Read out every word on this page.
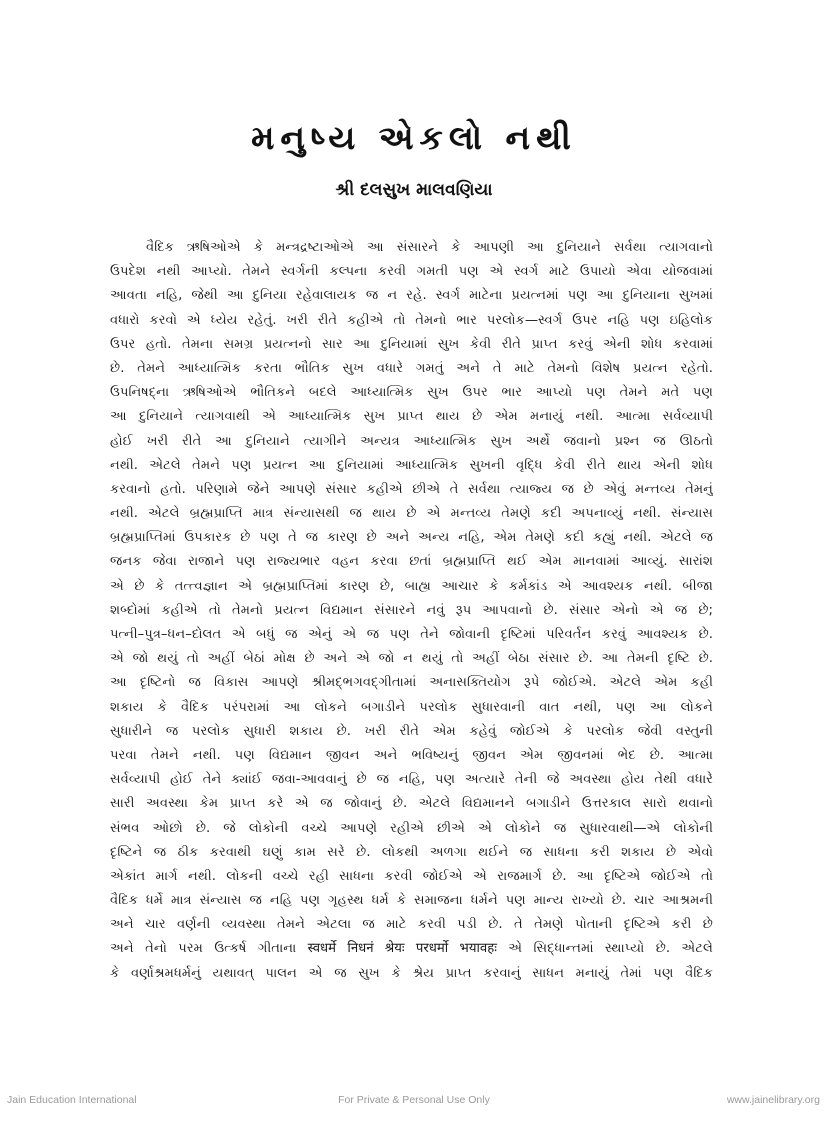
મનુષ્ય એકલો નથી
શ્રી દલસુખ માલવણિયા
વૈદિક ઋષિઓએ કે મન્ત્રદ્રષ્ટાઓએ આ સંસારને કે આપણી આ દુનિયાને સર્વથા ત્યાગવાનો
ઉપદેશ નથી આપ્યો. તેમને સ્વર્ગની કલ્પના કરવી ગમતી પણ એ સ્વર્ગ માટે ઉપાયો એવા યોજવામાં
આવતા નહિ, જેથી આ દુનિયા રહેવાલાયક જ ન રહે. સ્વર્ગ માટેના પ્રયત્નમાં પણ આ દુનિયાના સુખમાં
વધારો કરવો એ ધ્યેય રહેતું. ખરી રીતે કહીએ તો તેમનો ભાર પરલોક—સ્વર્ગ ઉપર નહિ પણ ઇહિલોક
ઉપર હતો. તેમના સમગ્ર પ્રયત્નનો સાર આ દુનિયામાં સુખ કેવી રીતે પ્રાપ્ત કરવું એની શોધ કરવામાં
છે. તેમને આધ્યાત્મિક કરતા ભૌતિક સુખ વધારે ગમતું અને તે માટે તેમનો વિશેષ પ્રયત્ન રહેતો.
ઉપનિષદ્ના ઋષિઓએ ભૌતિકને બદલે આધ્યાત્મિક સુખ ઉપર ભાર આપ્યો પણ તેમને મતે પણ
આ દુનિયાને ત્યાગવાથી એ આધ્યાત્મિક સુખ પ્રાપ્ત થાય છે એમ મનાયું નથી. આત્મા સર્વવ્યાપી
હોઈ ખરી રીતે આ દુનિયાને ત્યાગીને અન્યત્ર આધ્યાત્મિક સુખ અર્થે જવાનો પ્રશ્ન જ ઊઠતો
નથી. એટલે તેમને પણ પ્રયત્ન આ દુનિયામાં આધ્યાત્મિક સુખની વૃદ્ધિ કેવી રીતે થાય એની શોધ
કરવાનો હતો. પરિણામે જેને આપણે સંસાર કહીએ છીએ તે સર્વથા ત્યાજ્ય જ છે એવું મન્તવ્ય તેમનું
નથી. એટલે બ્રહ્મપ્રાપ્તિ માત્ર સંન્યાસથી જ થાય છે એ મન્તવ્ય તેમણે કદી અપનાવ્યું નથી. સંન્યાસ
બ્રહ્મપ્રાપ્તિમાં ઉપકારક છે પણ તે જ કારણ છે અને અન્ય નહિ, એમ તેમણે કદી કહ્યું નથી. એટલે જ
જનક જેવા રાજાને પણ રાજ્યભાર વહન કરવા છતાં બ્રહ્મપ્રાપ્તિ થઈ એમ માનવામાં આવ્યું. સારાંશ
એ છે કે તત્ત્વજ્ઞાન એ બ્રહ્મપ્રાપ્તિમાં કારણ છે, બાહ્ય આચાર કે કર્મકાંડ એ આવશ્યક નથી. બીજા
શબ્દોમાં કહીએ તો તેમનો પ્રયત્ન વિદ્યમાન સંસારને નવું રૂપ આપવાનો છે. સંસાર એનો એ જ છે;
પત્ની–પુત્ર–ધન–દોલત એ બધું જ એનું એ જ પણ તેને જોવાની દૃષ્ટિમાં પરિવર્તન કરવું આવશ્યક છે.
એ જો થયું તો અહીં બેઠાં મોક્ષ છે અને એ જો ન થયું તો અહીં બેઠા સંસાર છે. આ તેમની દૃષ્ટિ છે.
આ દૃષ્ટિનો જ વિકાસ આપણે શ્રીમદ્ભગવદ્ગીતામાં અનાસક્તિયોગ રૂપે જોઈએ. એટલે એમ કહી
શકાય કે વૈદિક પરંપરામાં આ લોકને બગાડીને પરલોક સુધારવાની વાત નથી, પણ આ લોકને
સુધારીને જ પરલોક સુધારી શકાય છે. ખરી રીતે એમ કહેવું જોઈએ કે પરલોક જેવી વસ્તુની
પરવા તેમને નથી. પણ વિદ્યમાન જીવન અને ભવિષ્યનું જીવન એમ જીવનમાં ભેદ છે. આત્મા
સર્વવ્યાપી હોઈ તેને ક્યાંઈ જવા-આવવાનું છે જ નહિ, પણ અત્યારે તેની જે અવસ્થા હોય તેથી વધારે
સારી અવસ્થા કેમ પ્રાપ્ત કરે એ જ જોવાનું છે. એટલે વિદ્યમાનને બગાડીને ઉત્તરકાલ સારો થવાનો
સંભવ ઓછો છે. જે લોકોની વચ્ચે આપણે રહીએ છીએ એ લોકોને જ સુધારવાથી—એ લોકોની
દૃષ્ટિને જ ઠીક કરવાથી ઘણું કામ સરે છે. લોકથી અળગા થઈને જ સાધના કરી શકાય છે એવો
એકાંત માર્ગ નથી. લોકની વચ્ચે રહી સાધના કરવી જોઈએ એ રાજમાર્ગ છે. આ દૃષ્ટિએ જોઈએ તો
વૈદિક ધર્મે માત્ર સંન્યાસ જ નહિ પણ ગૃહસ્થ ધર્મ કે સમાજના ધર્મને પણ માન્ય રાખ્યો છે. ચાર આશ્રમની
અને ચાર વર્ણની વ્યવસ્થા તેમને એટલા જ માટે કરવી પડી છે. તે તેમણે પોતાની દૃષ્ટિએ કરી છે
અને તેનો પરમ ઉત્કર્ષ ગીતાના स्वधर्मे निधनं श्रेयः परधर्मो भयावहः એ સિદ્ધાન્તમાં સ્થાપ્યો છે. એટલે
કે વર્ણાશ્રમધર્મનું યથાવત્ પાલન એ જ સુખ કે શ્રેય પ્રાપ્ત કરવાનું સાધન મનાયું તેમાં પણ વૈદિક
Jain Education International	For Private & Personal Use Only	www.jainelibrary.org
